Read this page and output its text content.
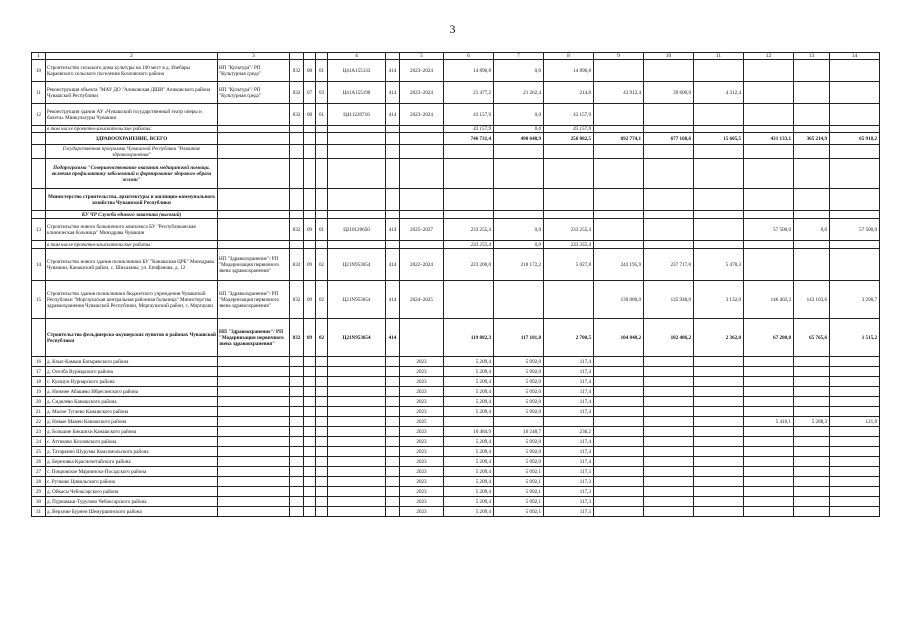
3
1	2	3				4		5	6	7	8	9	10	11	12	13	14
10	Строительство сельского дома культуры на 100 мест в д. Изебары Караевского сельского поселения Козловского района	НП "Культура"/ РП "Культурная среда"	832	08	01	Ц41А155133	414	2023–2024	14 896,8	0,0	14 896,8						
11	Реконструкция объекта "МАУ ДО "Аликовская ДШИ" Аликовского района Чувашской Республики	НП "Культура"/ РП "Культурная среда"	832	07	03	Ц41А155190	414	2023–2024	21 477,2	21 262,4	214,8	43 912,4	39 600,0	4 312,4			
12	Реконструкция здания АУ «Чувашский государственный театр оперы и балета» Минкультуры Чувашии		832	08	01	Ц411220710	414	2023–2024	43 157,9	0,0	43 157,9						
	в том числе проектно-изыскательские работы:								43 157,9	0,0	43 157,9						
	ЗДРАВООХРАНЕНИЕ, ВСЕГО								746 731,4	490 648,9	256 082,5	692 774,1	677 168,6	15 605,5	431 133,1	365 214,9	65 918,2
	Государственная программа Чувашской Республики "Развитие здравоохранения"																
	Подпрограмма "Совершенствование оказания медицинской помощи, включая профилактику заболеваний и формирование здорового образа жизни"																
	Министерство строительства, архитектуры и жилищно-коммунального хозяйства Чувашской Республики																
	КУ ЧР Служба единого заказчика (высокий)																
13	Строительство нового больничного комплекса БУ "Республиканская клиническая больница" Минздрава Чувашии		832	09	01	Ц210120650	414	2025–2027	233 255,4	0,0	233 255,4				57 500,0	0,0	57 500,0
	в том числе проектно-изыскательские работы:								233 255,4	0,0	233 255,4						
14	Строительство нового здания поликлиники БУ "Канашская ЦРБ" Минздрава Чувашии, Канашский район, с. Шихазаны, ул. Епифанова, д. 12	НП "Здравоохранение"/ РП "Модернизация первичного звена здравоохранения"	832	09	02	Ц21N953654	414	2022–2024	223 200,0	218 172,2	5 027,8	243 195,9	237 717,6	5 478,3			
15	Строительство здания поликлиники бюджетного учреждения Чувашской Республики "Моргаушская центральная районная больница" Министерства здравоохранения Чувашской Республики, Моргаушский район, с. Моргауши	НП "Здравоохранение"/ РП "Модернизация первичного звена здравоохранения"	832	09	02	Ц21N953654	414	2024–2025				139 080,0	135 948,0	3 132,0	146 402,3	143 103,6	3 298,7
	Строительство фельдшерско-акушерских пунктов в районах Чувашской Республики	НП "Здравоохранение"/ РП "Модернизация первичного звена здравоохранения"	832	09	02	Ц21N953654	414		119 882,3	117 181,8	2 700,5	104 848,2	102 486,2	2 362,0	67 280,8	65 765,6	1 515,2
16	д. Кзыл-Камыш Батыревского района							2023	5 209,4	5 092,0	117,4						
17	д. Оселба Вурнарского района							2023	5 209,4	5 092,0	117,4						
18	с. Кукшум Вурнарского района							2023	5 209,4	5 092,0	117,4						
19	д. Нижнее Абашево Ибресинского района							2023	5 209,4	5 092,0	117,4						
20	д. Сиделево Канашского района							2023	5 209,4	5 092,0	117,4						
21	д. Малое Тугаево Канашского района							2023	5 209,4	5 092,0	117,4						
22	д. Новые Мамеи Канашского района							2025							5 410,1	5 288,3	121,8
23	д. Большие Бикшихи Канашского района							2023	10 484,9	10 248,7	236,2						
24	с. Аттиково Козловского района							2023	5 209,4	5 092,0	117,4						
25	д. Татаркино Шурумы Комсомольского района							2023	5 209,4	5 092,0	117,4						
26	д. Березовка Красночетайского района							2023	5 209,4	5 092,0	117,4						
27	с. Покровское Мариинско-Посадского района							2023	5 209,4	5 092,1	117,3						
28	с. Ручково Цивильского района							2023	5 209,4	5 092,1	117,3						
29	д. Ойкасы Чебоксарского района							2023	5 209,4	5 092,1	117,3						
30	д. Пурнамаш-Турулово Чебоксарского района							2023	5 209,4	5 092,1	117,3						
31	д. Верхние Бурнеи Шемуршинского района							2023	5 209,4	5 092,1	117,3						
